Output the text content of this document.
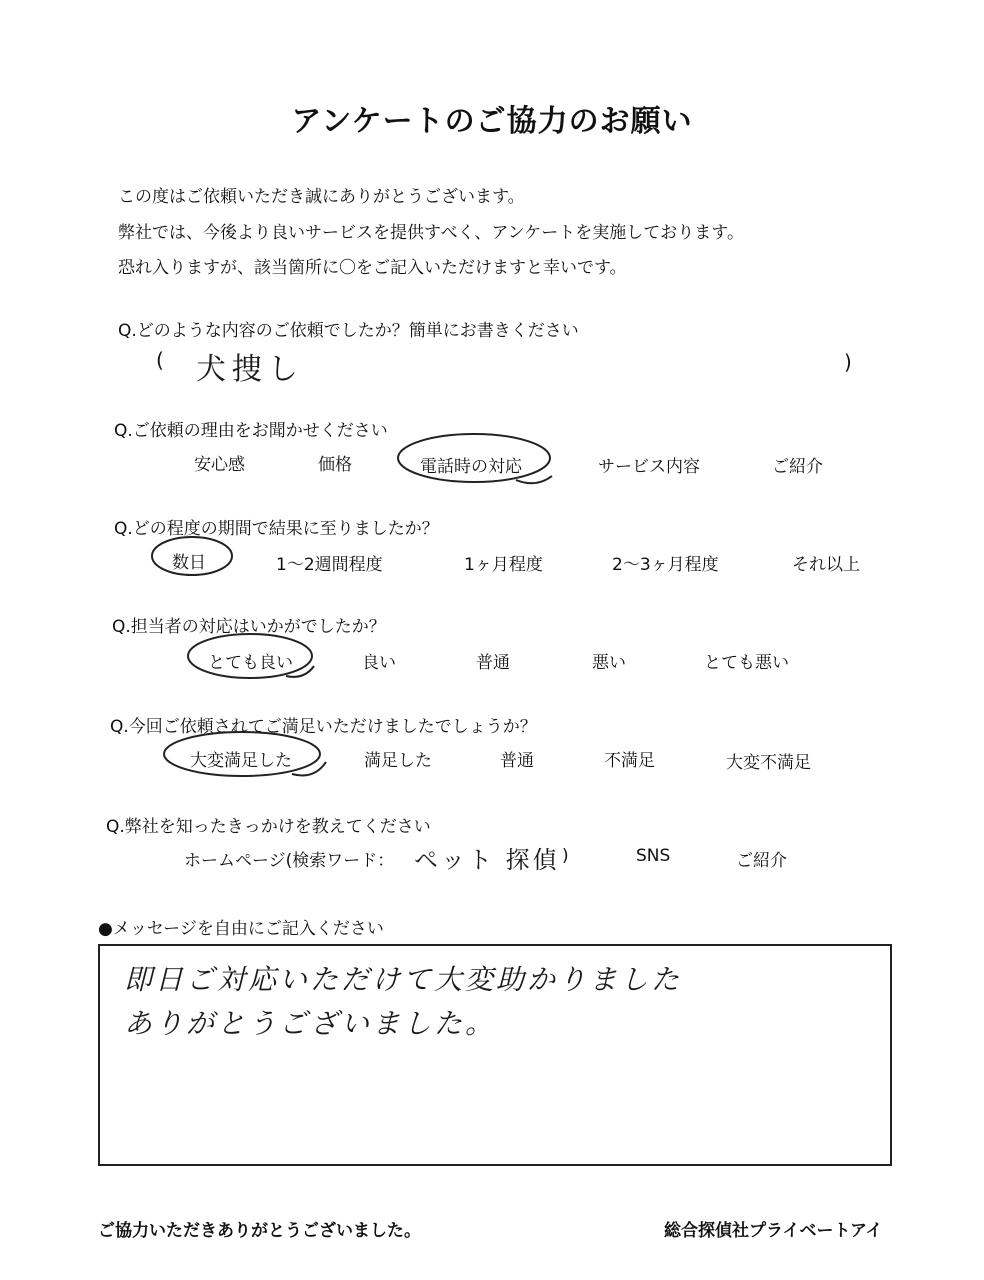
アンケートのご協力のお願い
この度はご依頼いただき誠にありがとうございます。
弊社では、今後より良いサービスを提供すべく、アンケートを実施しております。
恐れ入りますが、該当箇所に〇をご記入いただけますと幸いです。
Q.どのような内容のご依頼でしたか？簡単にお書きください
( 犬捜し	)
Q.ご依頼の理由をお聞かせください
安心感	価格	電話時の対応	サービス内容	ご紹介
Q.どの程度の期間で結果に至りましたか？
数日	1～2週間程度	1ヶ月程度	2～3ヶ月程度	それ以上
Q.担当者の対応はいかがでしたか？
とても良い	良い	普通	悪い	とても悪い
Q.今回ご依頼されてご満足いただけましたでしょうか？
大変満足した	満足した	普通	不満足	大変不満足
Q.弊社を知ったきっかけを教えてください
ホームページ(検索ワード： ペット 探偵 )	SNS	ご紹介
●メッセージを自由にご記入ください
即日ご対応いただけて大変助かりました
ありがとうございました。
ご協力いただきありがとうございました。	総合探偵社プライベートアイ
